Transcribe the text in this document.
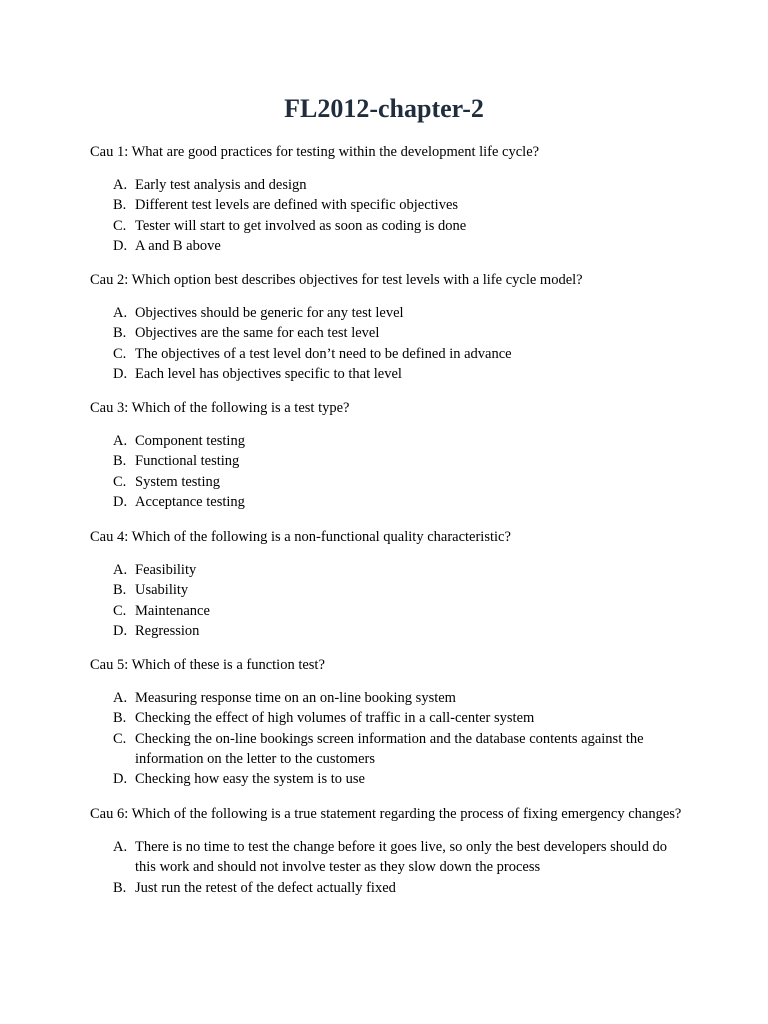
FL2012-chapter-2

Cau 1: What are good practices for testing within the development life cycle?

A. Early test analysis and design
B. Different test levels are defined with specific objectives
C. Tester will start to get involved as soon as coding is done
D. A and B above

Cau 2: Which option best describes objectives for test levels with a life cycle model?

A. Objectives should be generic for any test level
B. Objectives are the same for each test level
C. The objectives of a test level don’t need to be defined in advance
D. Each level has objectives specific to that level

Cau 3: Which of the following is a test type?

A. Component testing
B. Functional testing
C. System testing
D. Acceptance testing

Cau 4: Which of the following is a non-functional quality characteristic?

A. Feasibility
B. Usability
C. Maintenance
D. Regression

Cau 5: Which of these is a function test?

A. Measuring response time on an on-line booking system
B. Checking the effect of high volumes of traffic in a call-center system
C. Checking the on-line bookings screen information and the database contents against the information on the letter to the customers
D. Checking how easy the system is to use

Cau 6: Which of the following is a true statement regarding the process of fixing emergency changes?

A. There is no time to test the change before it goes live, so only the best developers should do this work and should not involve tester as they slow down the process
B. Just run the retest of the defect actually fixed
